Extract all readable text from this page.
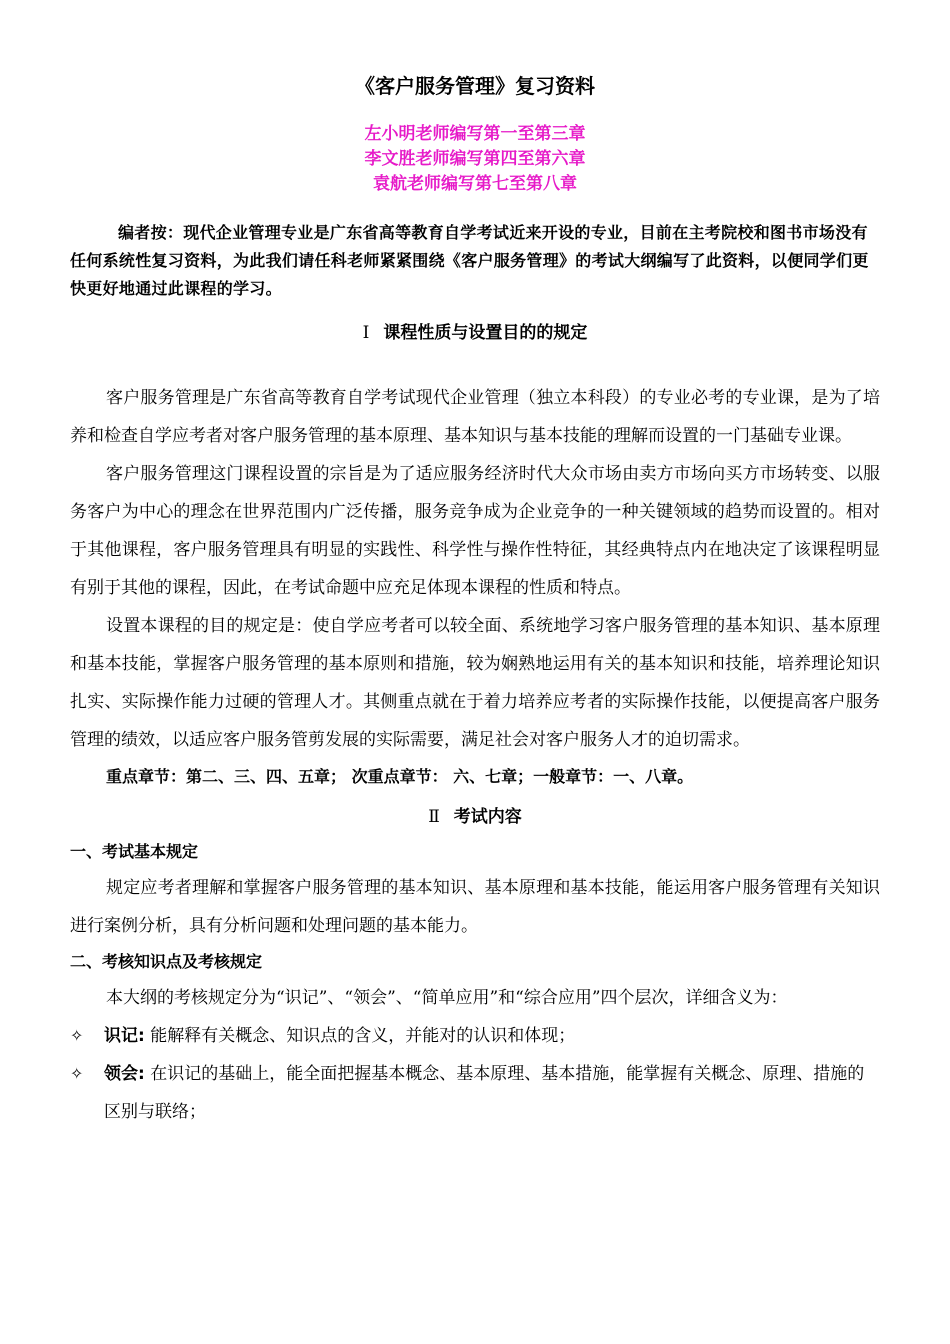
《客户服务管理》复习资料
左小明老师编写第一至第三章
李文胜老师编写第四至第六章
袁航老师编写第七至第八章

编者按：现代企业管理专业是广东省高等教育自学考试近来开设的专业，目前在主考院校和图书市场没有任何系统性复习资料，为此我们请任科老师紧紧围绕《客户服务管理》的考试大纲编写了此资料，以便同学们更快更好地通过此课程的学习。

Ⅰ 课程性质与设置目的的规定

客户服务管理是广东省高等教育自学考试现代企业管理（独立本科段）的专业必考的专业课，是为了培养和检查自学应考者对客户服务管理的基本原理、基本知识与基本技能的理解而设置的一门基础专业课。

客户服务管理这门课程设置的宗旨是为了适应服务经济时代大众市场由卖方市场向买方市场转变、以服务客户为中心的理念在世界范围内广泛传播，服务竞争成为企业竞争的一种关键领域的趋势而设置的。相对于其他课程，客户服务管理具有明显的实践性、科学性与操作性特征，其经典特点内在地决定了该课程明显有别于其他的课程，因此，在考试命题中应充足体现本课程的性质和特点。

设置本课程的目的规定是：使自学应考者可以较全面、系统地学习客户服务管理的基本知识、基本原理和基本技能，掌握客户服务管理的基本原则和措施，较为娴熟地运用有关的基本知识和技能，培养理论知识扎实、实际操作能力过硬的管理人才。其侧重点就在于着力培养应考者的实际操作技能，以便提高客户服务管理的绩效，以适应客户服务管剪发展的实际需要，满足社会对客户服务人才的迫切需求。

重点章节：第二、三、四、五章； 次重点章节： 六、七章；一般章节：一、八章。

Ⅱ 考试内容

一、考试基本规定

规定应考者理解和掌握客户服务管理的基本知识、基本原理和基本技能，能运用客户服务管理有关知识进行案例分析，具有分析问题和处理问题的基本能力。

二、考核知识点及考核规定

本大纲的考核规定分为“识记”、“领会”、“简单应用”和“综合应用”四个层次，详细含义为：

✧ 识记: 能解释有关概念、知识点的含义，并能对的认识和体现；
✧ 领会: 在识记的基础上，能全面把握基本概念、基本原理、基本措施，能掌握有关概念、原理、措施的区别与联络；
